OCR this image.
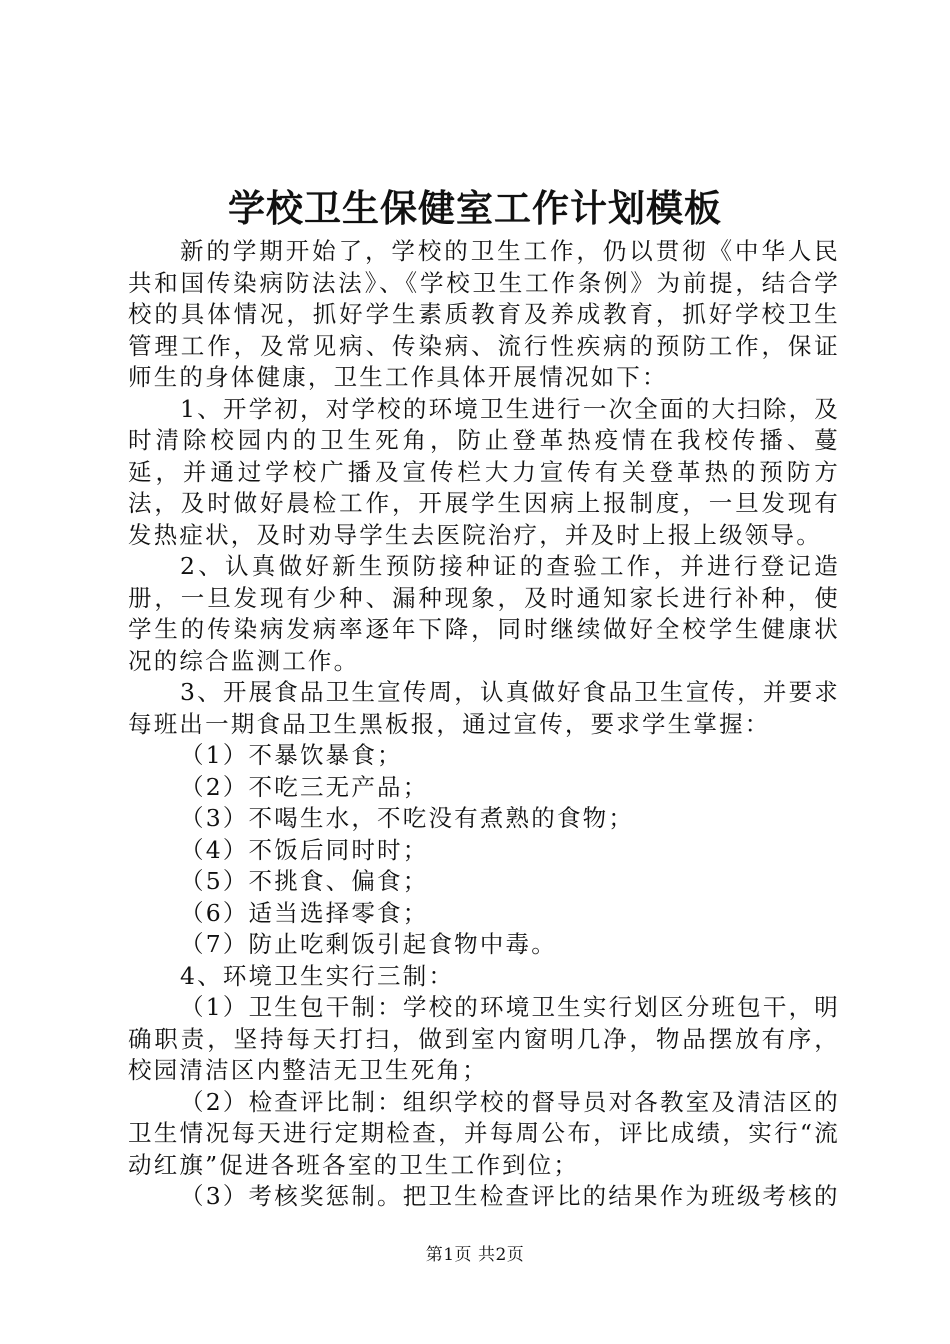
学校卫生保健室工作计划模板

新的学期开始了，学校的卫生工作，仍以贯彻《中华人民共和国传染病防法法》、《学校卫生工作条例》为前提，结合学校的具体情况，抓好学生素质教育及养成教育，抓好学校卫生管理工作，及常见病、传染病、流行性疾病的预防工作，保证师生的身体健康，卫生工作具体开展情况如下：

1、开学初，对学校的环境卫生进行一次全面的大扫除，及时清除校园内的卫生死角，防止登革热疫情在我校传播、蔓延，并通过学校广播及宣传栏大力宣传有关登革热的预防方法，及时做好晨检工作，开展学生因病上报制度，一旦发现有发热症状，及时劝导学生去医院治疗，并及时上报上级领导。

2、认真做好新生预防接种证的查验工作，并进行登记造册，一旦发现有少种、漏种现象，及时通知家长进行补种，使学生的传染病发病率逐年下降，同时继续做好全校学生健康状况的综合监测工作。

3、开展食品卫生宣传周，认真做好食品卫生宣传，并要求每班出一期食品卫生黑板报，通过宣传，要求学生掌握：

（1）不暴饮暴食；

（2）不吃三无产品；

（3）不喝生水，不吃没有煮熟的食物；

（4）不饭后同时时；

（5）不挑食、偏食；

（6）适当选择零食；

（7）防止吃剩饭引起食物中毒。

4、环境卫生实行三制：

（1）卫生包干制：学校的环境卫生实行划区分班包干，明确职责，坚持每天打扫，做到室内窗明几净，物品摆放有序，校园清洁区内整洁无卫生死角；

（2）检查评比制：组织学校的督导员对各教室及清洁区的卫生情况每天进行定期检查，并每周公布，评比成绩，实行“流动红旗”促进各班各室的卫生工作到位；

（3）考核奖惩制。把卫生检查评比的结果作为班级考核的

第1页 共2页
